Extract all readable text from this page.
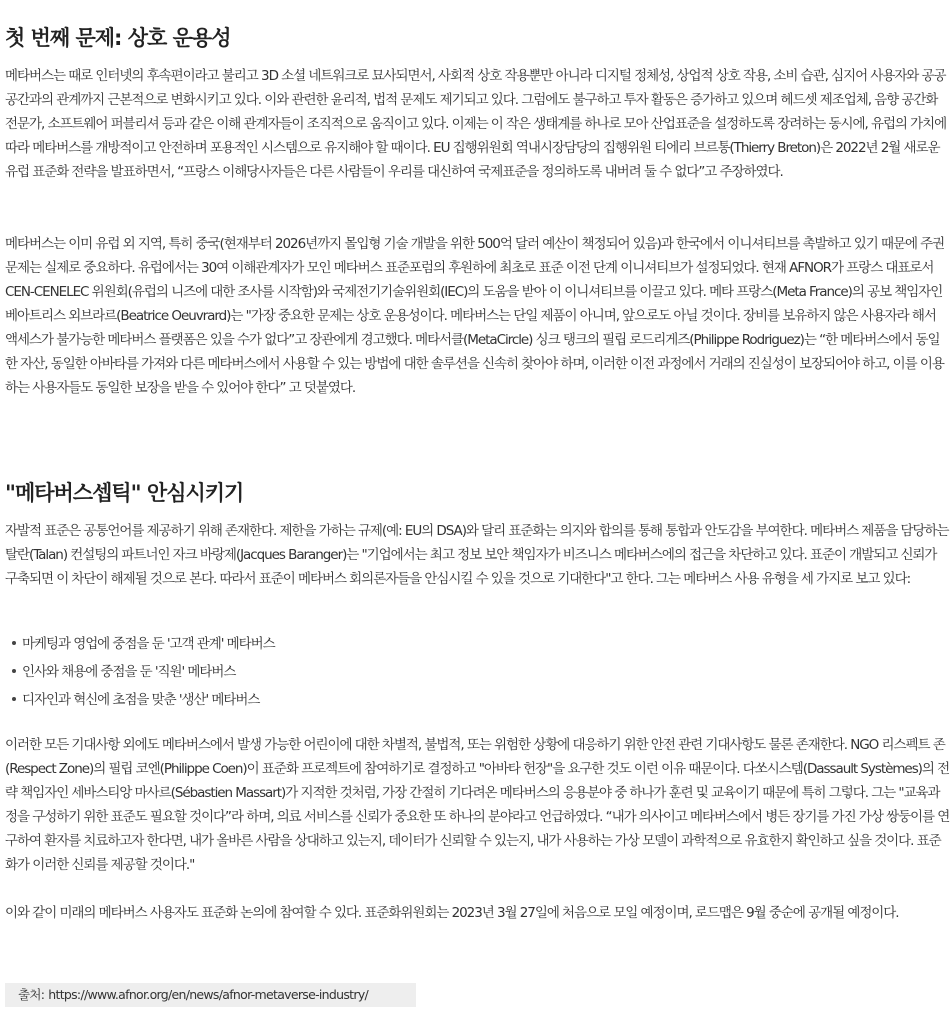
첫 번째 문제: 상호 운용성

메타버스는 때로 인터넷의 후속편이라고 불리고 3D 소셜 네트워크로 묘사되면서, 사회적 상호 작용뿐만 아니라 디지털 정체성, 상업적 상호 작용, 소비 습관, 심지어 사용자와 공공 공간과의 관계까지 근본적으로 변화시키고 있다. 이와 관련한 윤리적, 법적 문제도 제기되고 있다. 그럼에도 불구하고 투자 활동은 증가하고 있으며 헤드셋 제조업체, 음향 공간화 전문가, 소프트웨어 퍼블리셔 등과 같은 이해 관계자들이 조직적으로 움직이고 있다. 이제는 이 작은 생태계를 하나로 모아 산업표준을 설정하도록 장려하는 동시에, 유럽의 가치에 따라 메타버스를 개방적이고 안전하며 포용적인 시스템으로 유지해야 할 때이다. EU 집행위원회 역내시장담당의 집행위원 티에리 브르통(Thierry Breton)은 2022년 2월 새로운 유럽 표준화 전략을 발표하면서, “프랑스 이해당사자들은 다른 사람들이 우리를 대신하여 국제표준을 정의하도록 내버려 둘 수 없다”고 주장하였다.

메타버스는 이미 유럽 외 지역, 특히 중국(현재부터 2026년까지 몰입형 기술 개발을 위한 500억 달러 예산이 책정되어 있음)과 한국에서 이니셔티브를 촉발하고 있기 때문에 주권 문제는 실제로 중요하다. 유럽에서는 30여 이해관계자가 모인 메타버스 표준포럼의 후원하에 최초로 표준 이전 단계 이니셔티브가 설정되었다. 현재 AFNOR가 프랑스 대표로서 CEN-CENELEC 위원회(유럽의 니즈에 대한 조사를 시작함)와 국제전기기술위원회(IEC)의 도움을 받아 이 이니셔티브를 이끌고 있다. 메타 프랑스(Meta France)의 공보 책임자인 베아트리스 외브라르(Beatrice Oeuvrard)는 "가장 중요한 문제는 상호 운용성이다. 메타버스는 단일 제품이 아니며, 앞으로도 아닐 것이다. 장비를 보유하지 않은 사용자라 해서 액세스가 불가능한 메타버스 플랫폼은 있을 수가 없다”고 장관에게 경고했다. 메타서클(MetaCircle) 싱크 탱크의 필립 로드리게즈(Philippe Rodriguez)는 “한 메타버스에서 동일한 자산, 동일한 아바타를 가져와 다른 메타버스에서 사용할 수 있는 방법에 대한 솔루션을 신속히 찾아야 하며, 이러한 이전 과정에서 거래의 진실성이 보장되어야 하고, 이를 이용하는 사용자들도 동일한 보장을 받을 수 있어야 한다” 고 덧붙였다.

"메타버스셉틱" 안심시키기

자발적 표준은 공통언어를 제공하기 위해 존재한다. 제한을 가하는 규제(예: EU의 DSA)와 달리 표준화는 의지와 합의를 통해 통합과 안도감을 부여한다. 메타버스 제품을 담당하는 탈란(Talan) 컨설팅의 파트너인 자크 바랑제(Jacques Baranger)는 "기업에서는 최고 정보 보안 책임자가 비즈니스 메타버스에의 접근을 차단하고 있다. 표준이 개발되고 신뢰가 구축되면 이 차단이 해제될 것으로 본다. 따라서 표준이 메타버스 회의론자들을 안심시킬 수 있을 것으로 기대한다"고 한다. 그는 메타버스 사용 유형을 세 가지로 보고 있다:

마케팅과 영업에 중점을 둔 '고객 관계' 메타버스
인사와 채용에 중점을 둔 '직원' 메타버스
디자인과 혁신에 초점을 맞춘 '생산' 메타버스

이러한 모든 기대사항 외에도 메타버스에서 발생 가능한 어린이에 대한 차별적, 불법적, 또는 위험한 상황에 대응하기 위한 안전 관련 기대사항도 물론 존재한다. NGO 리스펙트 존(Respect Zone)의 필립 코엔(Philippe Coen)이 표준화 프로젝트에 참여하기로 결정하고 "아바타 헌장"을 요구한 것도 이런 이유 때문이다. 다쏘시스템(Dassault Systèmes)의 전략 책임자인 세바스티앙 마사르(Sébastien Massart)가 지적한 것처럼, 가장 간절히 기다려온 메타버스의 응용분야 중 하나가 훈련 및 교육이기 때문에 특히 그렇다. 그는 "교육과정을 구성하기 위한 표준도 필요할 것이다”라 하며, 의료 서비스를 신뢰가 중요한 또 하나의 분야라고 언급하였다. “내가 의사이고 메타버스에서 병든 장기를 가진 가상 쌍둥이를 연구하여 환자를 치료하고자 한다면, 내가 올바른 사람을 상대하고 있는지, 데이터가 신뢰할 수 있는지, 내가 사용하는 가상 모델이 과학적으로 유효한지 확인하고 싶을 것이다. 표준화가 이러한 신뢰를 제공할 것이다."

이와 같이 미래의 메타버스 사용자도 표준화 논의에 참여할 수 있다. 표준화위원회는 2023년 3월 27일에 처음으로 모일 예정이며, 로드맵은 9월 중순에 공개될 예정이다.

출처: https://www.afnor.org/en/news/afnor-metaverse-industry/
